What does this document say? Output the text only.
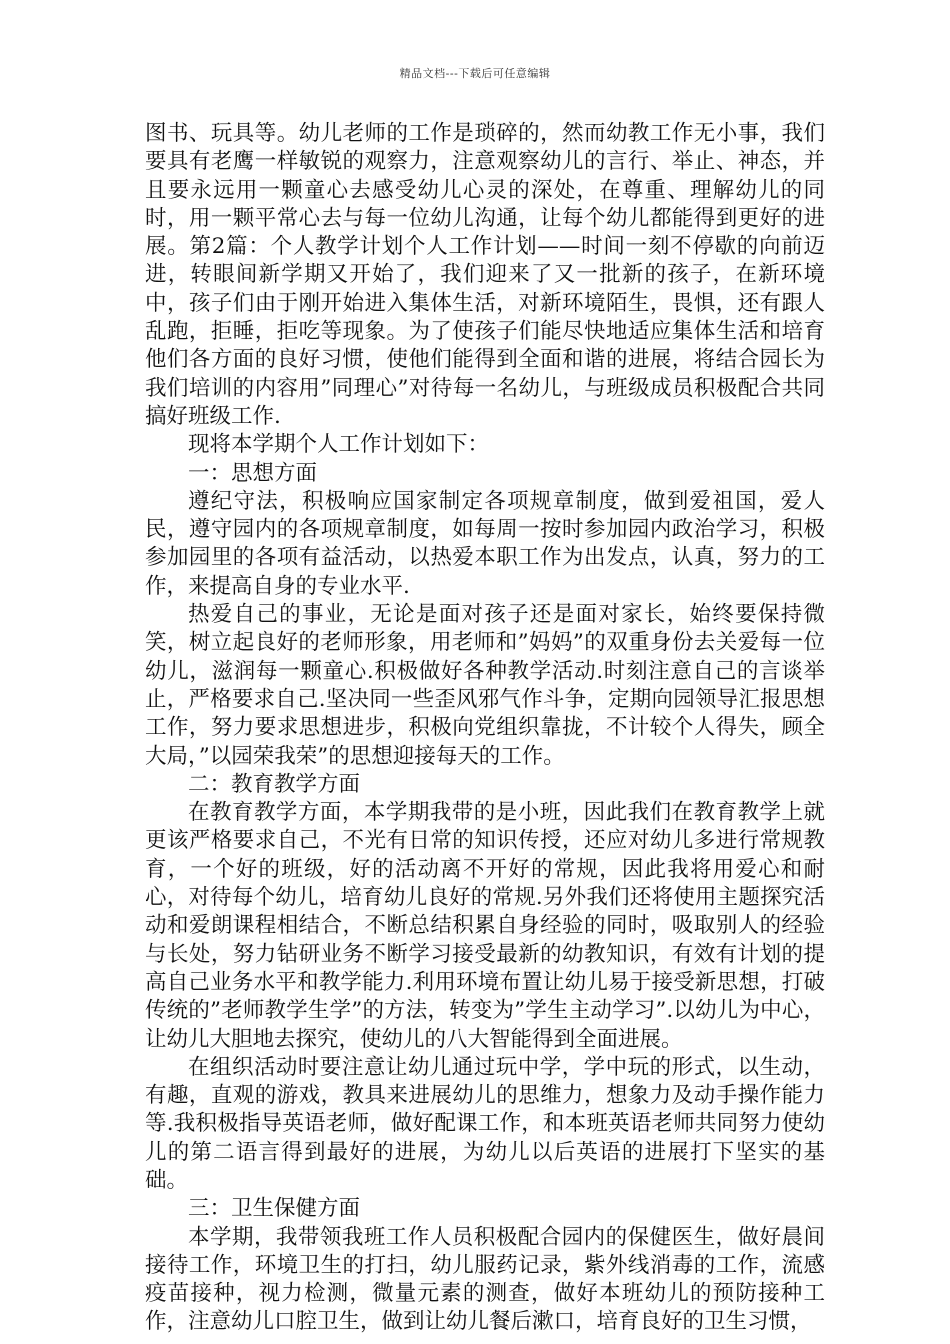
精品文档---下载后可任意编辑

图书、玩具等。幼儿老师的工作是琐碎的，然而幼教工作无小事，我们要具有老鹰一样敏锐的观察力，注意观察幼儿的言行、举止、神态，并且要永远用一颗童心去感受幼儿心灵的深处，在尊重、理解幼儿的同时，用一颗平常心去与每一位幼儿沟通，让每个幼儿都能得到更好的进展。第2篇：个人教学计划个人工作计划——时间一刻不停歇的向前迈进，转眼间新学期又开始了，我们迎来了又一批新的孩子，在新环境中，孩子们由于刚开始进入集体生活，对新环境陌生，畏惧，还有跟人乱跑，拒睡，拒吃等现象。为了使孩子们能尽快地适应集体生活和培育他们各方面的良好习惯，使他们能得到全面和谐的进展，将结合园长为我们培训的内容用”同理心”对待每一名幼儿，与班级成员积极配合共同搞好班级工作.

现将本学期个人工作计划如下：

一：思想方面

遵纪守法，积极响应国家制定各项规章制度，做到爱祖国，爱人民，遵守园内的各项规章制度，如每周一按时参加园内政治学习，积极参加园里的各项有益活动，以热爱本职工作为出发点，认真，努力的工作，来提高自身的专业水平.

热爱自己的事业，无论是面对孩子还是面对家长，始终要保持微笑，树立起良好的老师形象，用老师和”妈妈”的双重身份去关爱每一位幼儿，滋润每一颗童心.积极做好各种教学活动.时刻注意自己的言谈举止，严格要求自己.坚决同一些歪风邪气作斗争，定期向园领导汇报思想工作，努力要求思想进步，积极向党组织靠拢，不计较个人得失，顾全大局，”以园荣我荣”的思想迎接每天的工作。

二：教育教学方面

在教育教学方面，本学期我带的是小班，因此我们在教育教学上就更该严格要求自己，不光有日常的知识传授，还应对幼儿多进行常规教育，一个好的班级，好的活动离不开好的常规，因此我将用爱心和耐心，对待每个幼儿，培育幼儿良好的常规.另外我们还将使用主题探究活动和爱朗课程相结合，不断总结积累自身经验的同时，吸取别人的经验与长处，努力钻研业务不断学习接受最新的幼教知识，有效有计划的提高自己业务水平和教学能力.利用环境布置让幼儿易于接受新思想，打破传统的”老师教学生学”的方法，转变为”学生主动学习”.以幼儿为中心，让幼儿大胆地去探究，使幼儿的八大智能得到全面进展。

在组织活动时要注意让幼儿通过玩中学，学中玩的形式，以生动，有趣，直观的游戏，教具来进展幼儿的思维力，想象力及动手操作能力等.我积极指导英语老师，做好配课工作，和本班英语老师共同努力使幼儿的第二语言得到最好的进展，为幼儿以后英语的进展打下坚实的基础。

三：卫生保健方面

本学期，我带领我班工作人员积极配合园内的保健医生，做好晨间接待工作，环境卫生的打扫，幼儿服药记录，紫外线消毒的工作，流感疫苗接种，视力检测，微量元素的测查，做好本班幼儿的预防接种工作，注意幼儿口腔卫生，做到让幼儿餐后漱口，培育良好的卫生习惯，
